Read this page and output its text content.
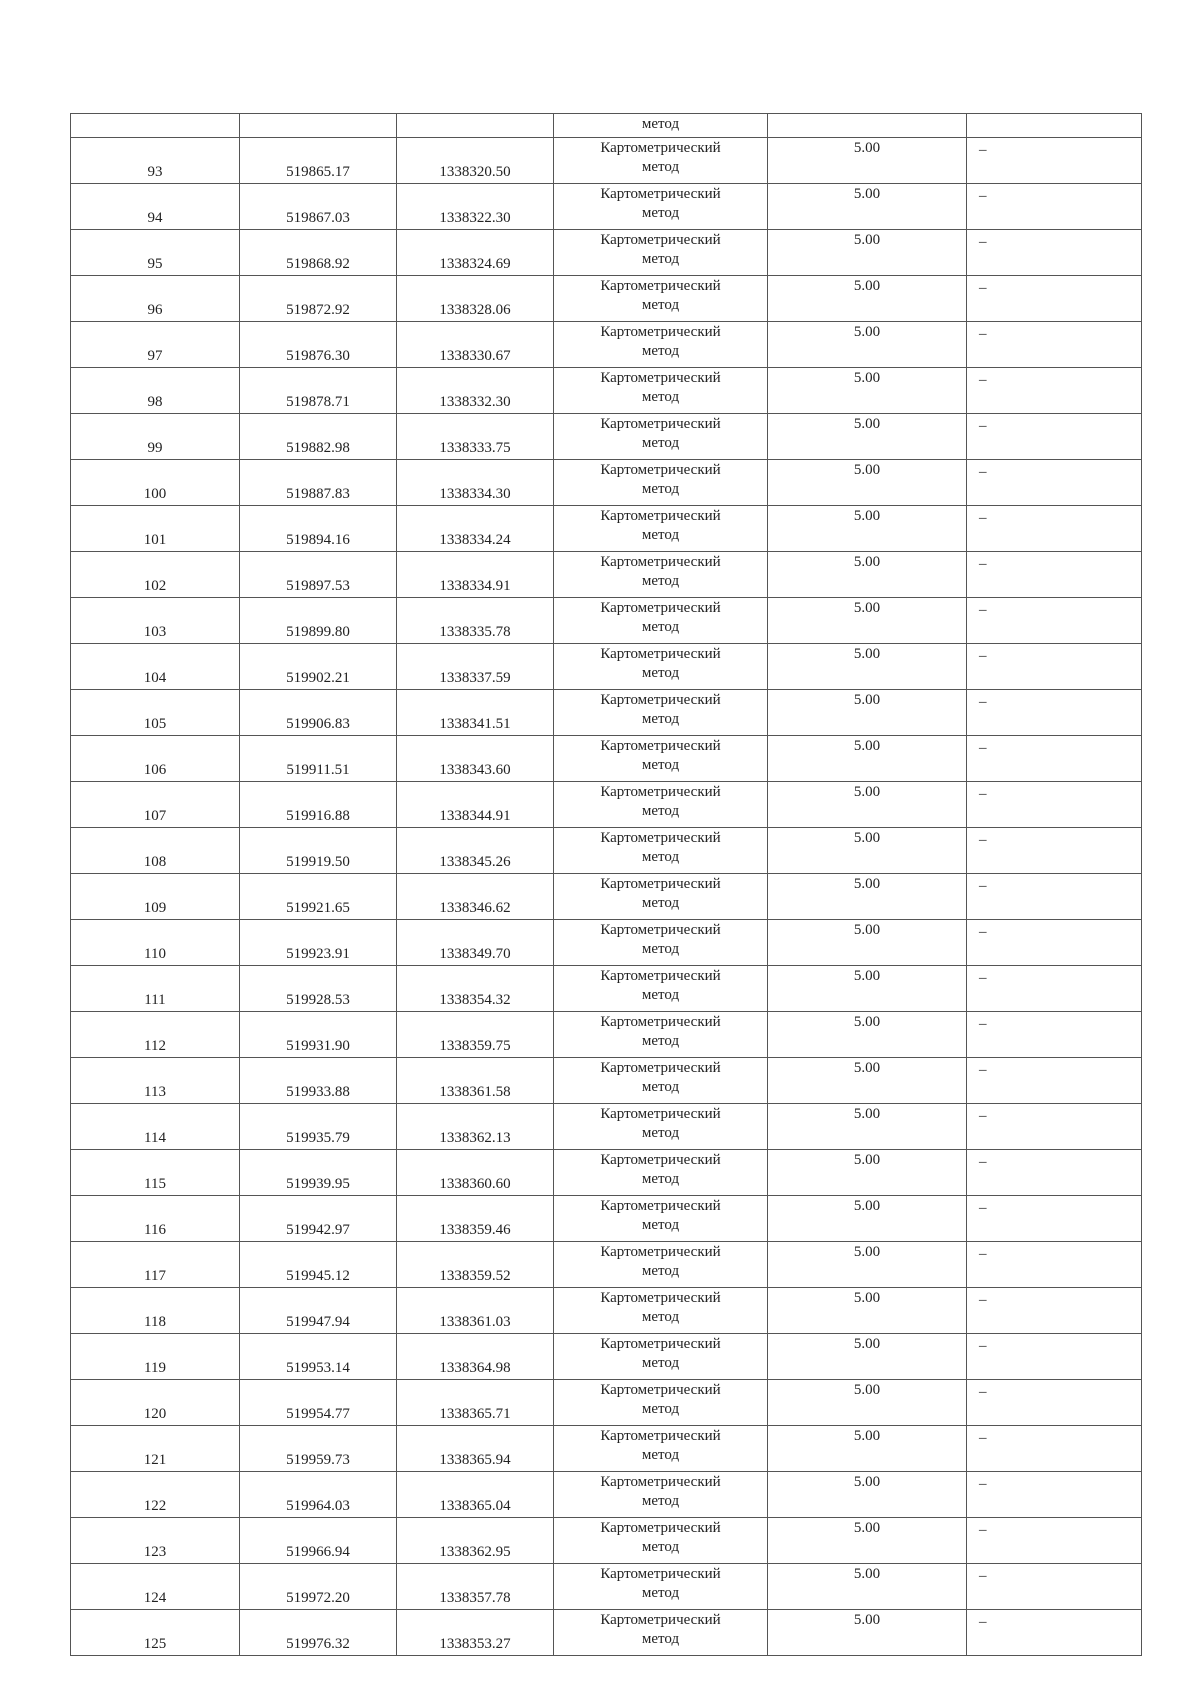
			метод		

93	519865.17	1338320.50	Картометрический
метод	5.00	–

94	519867.03	1338322.30	Картометрический
метод	5.00	–

95	519868.92	1338324.69	Картометрический
метод	5.00	–

96	519872.92	1338328.06	Картометрический
метод	5.00	–

97	519876.30	1338330.67	Картометрический
метод	5.00	–

98	519878.71	1338332.30	Картометрический
метод	5.00	–

99	519882.98	1338333.75	Картометрический
метод	5.00	–

100	519887.83	1338334.30	Картометрический
метод	5.00	–

101	519894.16	1338334.24	Картометрический
метод	5.00	–

102	519897.53	1338334.91	Картометрический
метод	5.00	–

103	519899.80	1338335.78	Картометрический
метод	5.00	–

104	519902.21	1338337.59	Картометрический
метод	5.00	–

105	519906.83	1338341.51	Картометрический
метод	5.00	–

106	519911.51	1338343.60	Картометрический
метод	5.00	–

107	519916.88	1338344.91	Картометрический
метод	5.00	–

108	519919.50	1338345.26	Картометрический
метод	5.00	–

109	519921.65	1338346.62	Картометрический
метод	5.00	–

110	519923.91	1338349.70	Картометрический
метод	5.00	–

111	519928.53	1338354.32	Картометрический
метод	5.00	–

112	519931.90	1338359.75	Картометрический
метод	5.00	–

113	519933.88	1338361.58	Картометрический
метод	5.00	–

114	519935.79	1338362.13	Картометрический
метод	5.00	–

115	519939.95	1338360.60	Картометрический
метод	5.00	–

116	519942.97	1338359.46	Картометрический
метод	5.00	–

117	519945.12	1338359.52	Картометрический
метод	5.00	–

118	519947.94	1338361.03	Картометрический
метод	5.00	–

119	519953.14	1338364.98	Картометрический
метод	5.00	–

120	519954.77	1338365.71	Картометрический
метод	5.00	–

121	519959.73	1338365.94	Картометрический
метод	5.00	–

122	519964.03	1338365.04	Картометрический
метод	5.00	–

123	519966.94	1338362.95	Картометрический
метод	5.00	–

124	519972.20	1338357.78	Картометрический
метод	5.00	–

125	519976.32	1338353.27	Картометрический
метод	5.00	–
